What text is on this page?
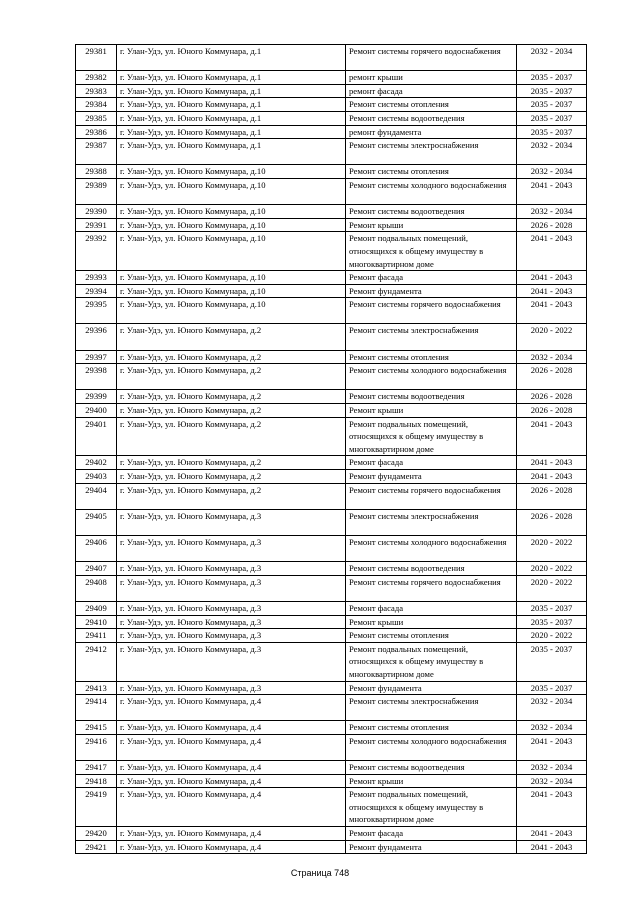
29381	г. Улан-Удэ, ул. Юного Коммунара, д.1	Ремонт системы горячего водоснабжения	2032 - 2034
29382	г. Улан-Удэ, ул. Юного Коммунара, д.1	ремонт крыши	2035 - 2037
29383	г. Улан-Удэ, ул. Юного Коммунара, д.1	ремонт фасада	2035 - 2037
29384	г. Улан-Удэ, ул. Юного Коммунара, д.1	Ремонт системы отопления	2035 - 2037
29385	г. Улан-Удэ, ул. Юного Коммунара, д.1	Ремонт системы водоотведения	2035 - 2037
29386	г. Улан-Удэ, ул. Юного Коммунара, д.1	ремонт фундамента	2035 - 2037
29387	г. Улан-Удэ, ул. Юного Коммунара, д.1	Ремонт системы электроснабжения	2032 - 2034
29388	г. Улан-Удэ, ул. Юного Коммунара, д.10	Ремонт системы отопления	2032 - 2034
29389	г. Улан-Удэ, ул. Юного Коммунара, д.10	Ремонт системы холодного водоснабжения	2041 - 2043
29390	г. Улан-Удэ, ул. Юного Коммунара, д.10	Ремонт системы водоотведения	2032 - 2034
29391	г. Улан-Удэ, ул. Юного Коммунара, д.10	Ремонт крыши	2026 - 2028
29392	г. Улан-Удэ, ул. Юного Коммунара, д.10	Ремонт подвальных помещений, относящихся к общему имуществу в многоквартирном доме	2041 - 2043
29393	г. Улан-Удэ, ул. Юного Коммунара, д.10	Ремонт фасада	2041 - 2043
29394	г. Улан-Удэ, ул. Юного Коммунара, д.10	Ремонт фундамента	2041 - 2043
29395	г. Улан-Удэ, ул. Юного Коммунара, д.10	Ремонт системы горячего водоснабжения	2041 - 2043
29396	г. Улан-Удэ, ул. Юного Коммунара, д.2	Ремонт системы электроснабжения	2020 - 2022
29397	г. Улан-Удэ, ул. Юного Коммунара, д.2	Ремонт системы отопления	2032 - 2034
29398	г. Улан-Удэ, ул. Юного Коммунара, д.2	Ремонт системы холодного водоснабжения	2026 - 2028
29399	г. Улан-Удэ, ул. Юного Коммунара, д.2	Ремонт системы водоотведения	2026 - 2028
29400	г. Улан-Удэ, ул. Юного Коммунара, д.2	Ремонт крыши	2026 - 2028
29401	г. Улан-Удэ, ул. Юного Коммунара, д.2	Ремонт подвальных помещений, относящихся к общему имуществу в многоквартирном доме	2041 - 2043
29402	г. Улан-Удэ, ул. Юного Коммунара, д.2	Ремонт фасада	2041 - 2043
29403	г. Улан-Удэ, ул. Юного Коммунара, д.2	Ремонт фундамента	2041 - 2043
29404	г. Улан-Удэ, ул. Юного Коммунара, д.2	Ремонт системы горячего водоснабжения	2026 - 2028
29405	г. Улан-Удэ, ул. Юного Коммунара, д.3	Ремонт системы электроснабжения	2026 - 2028
29406	г. Улан-Удэ, ул. Юного Коммунара, д.3	Ремонт системы холодного водоснабжения	2020 - 2022
29407	г. Улан-Удэ, ул. Юного Коммунара, д.3	Ремонт системы водоотведения	2020 - 2022
29408	г. Улан-Удэ, ул. Юного Коммунара, д.3	Ремонт системы горячего водоснабжения	2020 - 2022
29409	г. Улан-Удэ, ул. Юного Коммунара, д.3	Ремонт фасада	2035 - 2037
29410	г. Улан-Удэ, ул. Юного Коммунара, д.3	Ремонт крыши	2035 - 2037
29411	г. Улан-Удэ, ул. Юного Коммунара, д.3	Ремонт системы отопления	2020 - 2022
29412	г. Улан-Удэ, ул. Юного Коммунара, д.3	Ремонт подвальных помещений, относящихся к общему имуществу в многоквартирном доме	2035 - 2037
29413	г. Улан-Удэ, ул. Юного Коммунара, д.3	Ремонт фундамента	2035 - 2037
29414	г. Улан-Удэ, ул. Юного Коммунара, д.4	Ремонт системы электроснабжения	2032 - 2034
29415	г. Улан-Удэ, ул. Юного Коммунара, д.4	Ремонт системы отопления	2032 - 2034
29416	г. Улан-Удэ, ул. Юного Коммунара, д.4	Ремонт системы холодного водоснабжения	2041 - 2043
29417	г. Улан-Удэ, ул. Юного Коммунара, д.4	Ремонт системы водоотведения	2032 - 2034
29418	г. Улан-Удэ, ул. Юного Коммунара, д.4	Ремонт крыши	2032 - 2034
29419	г. Улан-Удэ, ул. Юного Коммунара, д.4	Ремонт подвальных помещений, относящихся к общему имуществу в многоквартирном доме	2041 - 2043
29420	г. Улан-Удэ, ул. Юного Коммунара, д.4	Ремонт фасада	2041 - 2043
29421	г. Улан-Удэ, ул. Юного Коммунара, д.4	Ремонт фундамента	2041 - 2043
Страница 748
